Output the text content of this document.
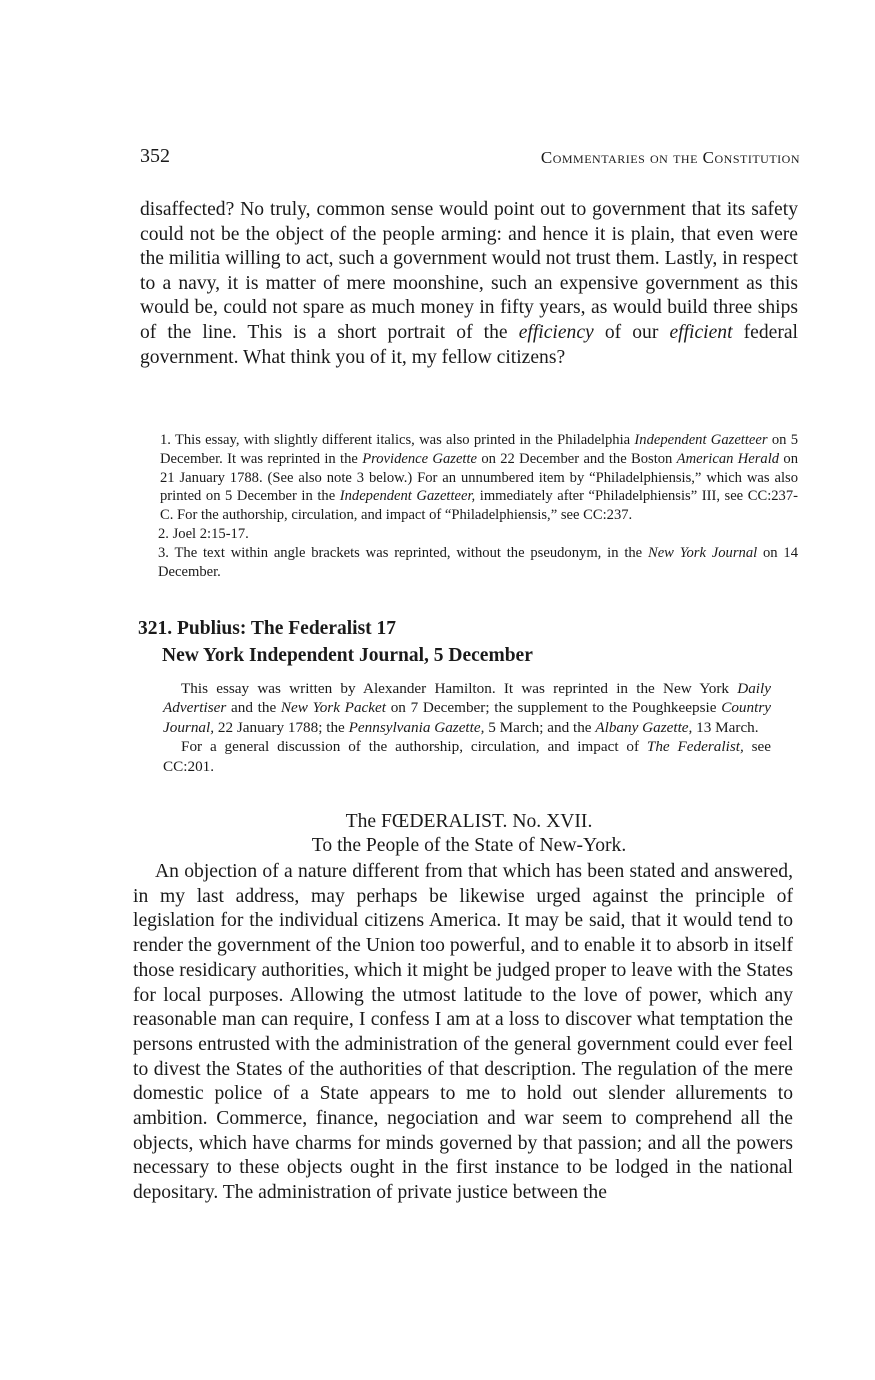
352	Commentaries on the Constitution

disaffected? No truly, common sense would point out to government that its safety could not be the object of the people arming: and hence it is plain, that even were the militia willing to act, such a government would not trust them. Lastly, in respect to a navy, it is matter of mere moonshine, such an expensive government as this would be, could not spare as much money in fifty years, as would build three ships of the line. This is a short portrait of the efficiency of our efficient federal government. What think you of it, my fellow citizens?

1. This essay, with slightly different italics, was also printed in the Philadelphia Independent Gazetteer on 5 December. It was reprinted in the Providence Gazette on 22 December and the Boston American Herald on 21 January 1788. (See also note 3 below.) For an unnumbered item by “Philadelphiensis,” which was also printed on 5 December in the Independent Gazetteer, immediately after “Philadelphiensis” III, see CC:237-C. For the authorship, circulation, and impact of “Philadelphiensis,” see CC:237.

2. Joel 2:15-17.

3. The text within angle brackets was reprinted, without the pseudonym, in the New York Journal on 14 December.

321. Publius: The Federalist 17
New York Independent Journal, 5 December

This essay was written by Alexander Hamilton. It was reprinted in the New York Daily Advertiser and the New York Packet on 7 December; the supplement to the Poughkeepsie Country Journal, 22 January 1788; the Pennsylvania Gazette, 5 March; and the Albany Gazette, 13 March.

For a general discussion of the authorship, circulation, and impact of The Federalist, see CC:201.

The FŒDERALIST. No. XVII.
To the People of the State of New-York.

An objection of a nature different from that which has been stated and answered, in my last address, may perhaps be likewise urged against the principle of legislation for the individual citizens America. It may be said, that it would tend to render the government of the Union too powerful, and to enable it to absorb in itself those residicary authorities, which it might be judged proper to leave with the States for local purposes. Allowing the utmost latitude to the love of power, which any reasonable man can require, I confess I am at a loss to discover what temptation the persons entrusted with the administration of the general government could ever feel to divest the States of the authorities of that description. The regulation of the mere domestic police of a State appears to me to hold out slender allurements to ambition. Commerce, finance, negociation and war seem to comprehend all the objects, which have charms for minds governed by that passion; and all the powers necessary to these objects ought in the first instance to be lodged in the national depositary. The administration of private justice between the
